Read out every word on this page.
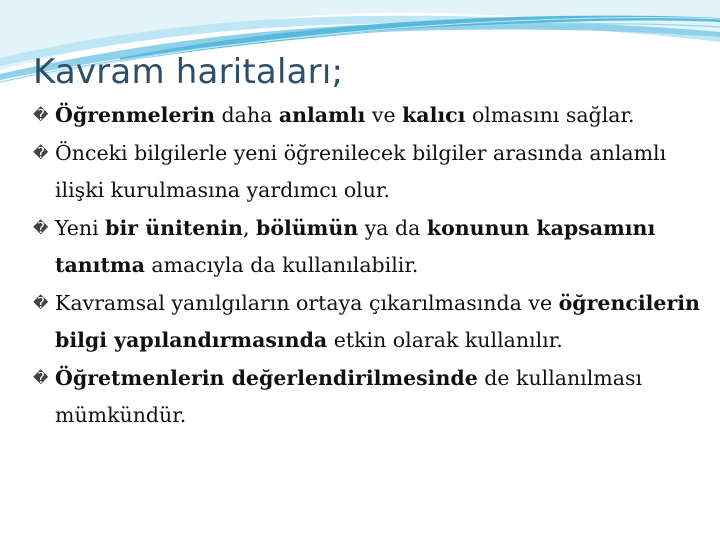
Kavram haritaları;
� Öğrenmelerin daha anlamlı ve kalıcı olmasını sağlar.
� Önceki bilgilerle yeni öğrenilecek bilgiler arasında anlamlı ilişki kurulmasına yardımcı olur.
� Yeni bir ünitenin, bölümün ya da konunun kapsamını tanıtma amacıyla da kullanılabilir.
� Kavramsal yanılgıların ortaya çıkarılmasında ve öğrencilerin bilgi yapılandırmasında etkin olarak kullanılır.
� Öğretmenlerin değerlendirilmesinde de kullanılması mümkündür.
